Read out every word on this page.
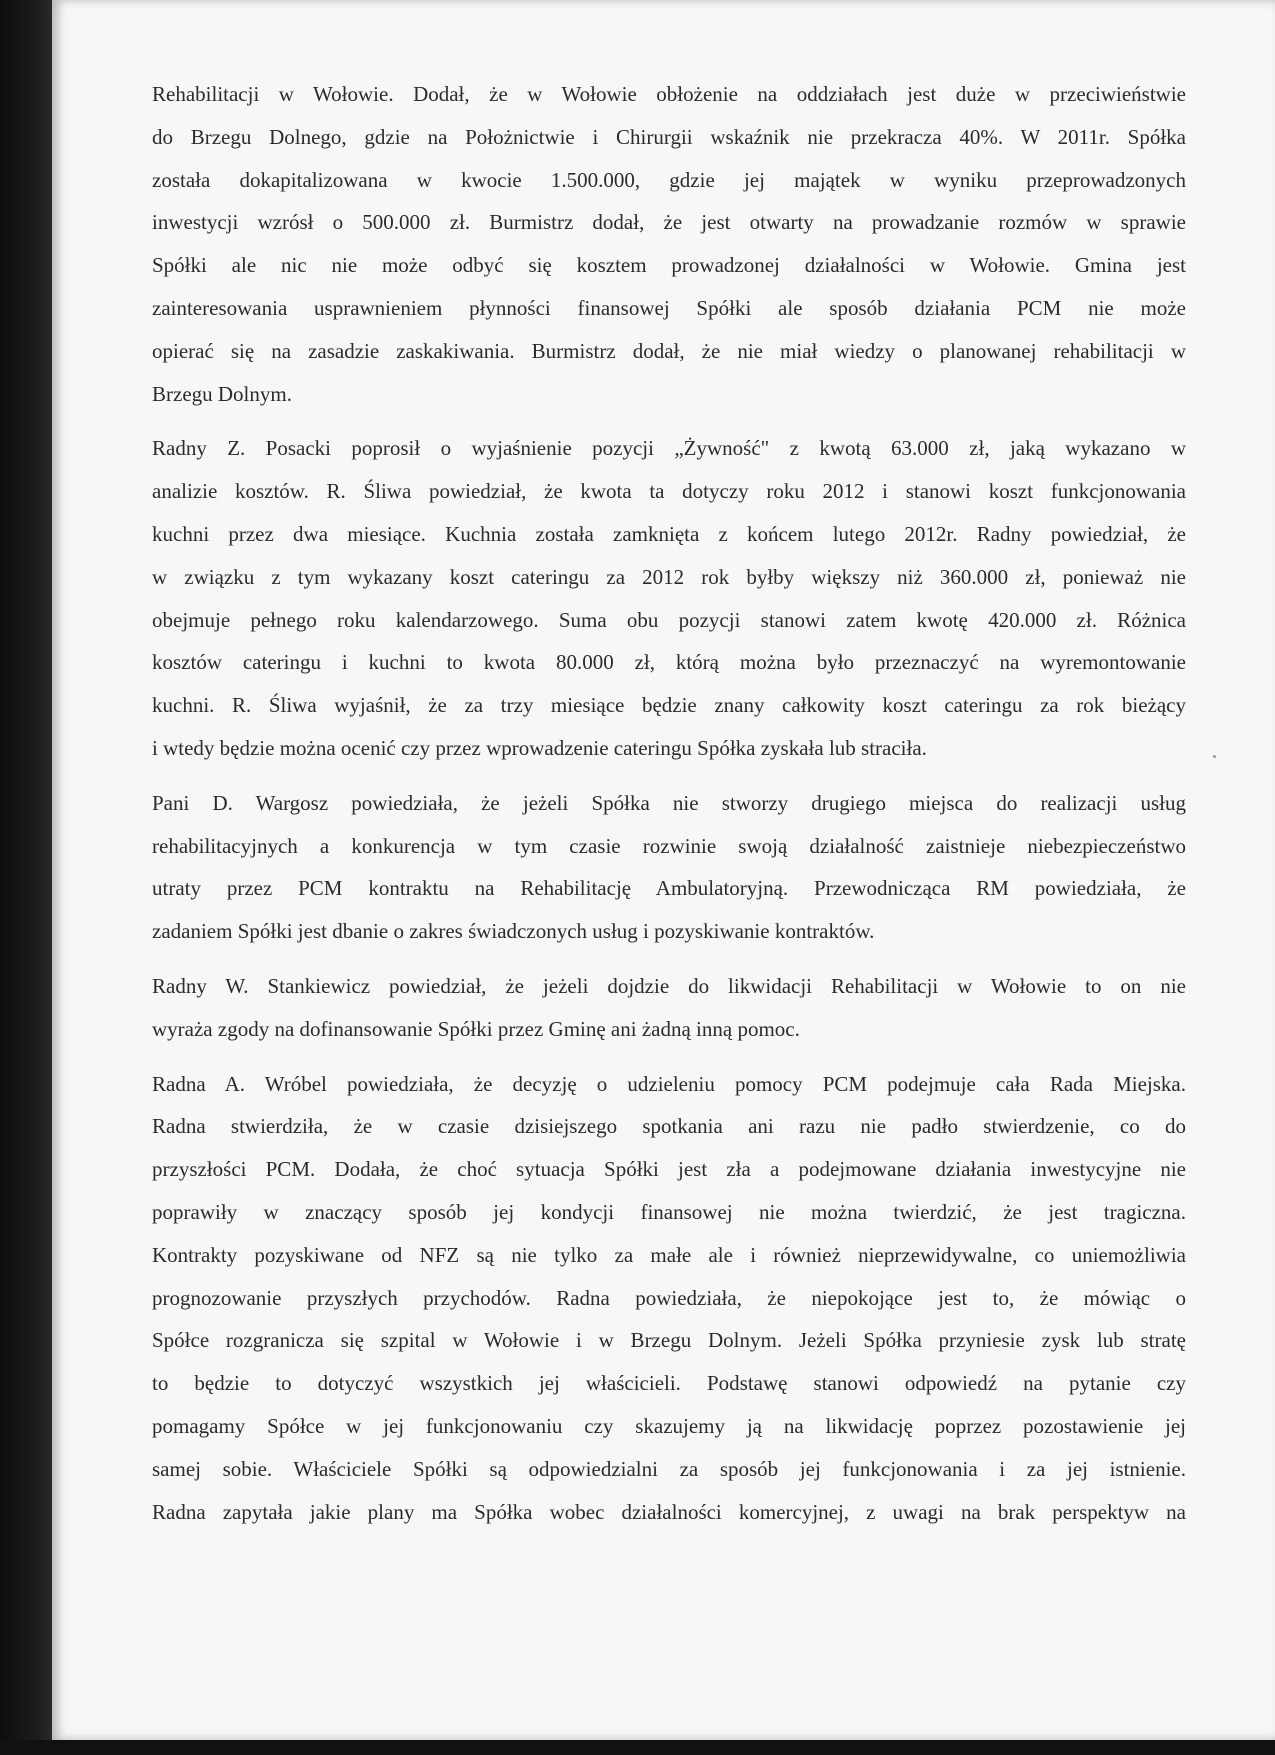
Rehabilitacji w Wołowie. Dodał, że w Wołowie obłożenie na oddziałach jest duże w przeciwieństwie
do Brzegu Dolnego, gdzie na Położnictwie i Chirurgii wskaźnik nie przekracza 40%. W 2011r. Spółka
została dokapitalizowana w kwocie 1.500.000, gdzie jej majątek w wyniku przeprowadzonych
inwestycji wzrósł o 500.000 zł. Burmistrz dodał, że jest otwarty na prowadzanie rozmów w sprawie
Spółki ale nic nie może odbyć się kosztem prowadzonej działalności w Wołowie. Gmina jest
zainteresowania usprawnieniem płynności finansowej Spółki ale sposób działania PCM nie może
opierać się na zasadzie zaskakiwania. Burmistrz dodał, że nie miał wiedzy o planowanej rehabilitacji w
Brzegu Dolnym.

Radny Z. Posacki poprosił o wyjaśnienie pozycji „Żywność" z kwotą 63.000 zł, jaką wykazano w
analizie kosztów. R. Śliwa powiedział, że kwota ta dotyczy roku 2012 i stanowi koszt funkcjonowania
kuchni przez dwa miesiące. Kuchnia została zamknięta z końcem lutego 2012r. Radny powiedział, że
w związku z tym wykazany koszt cateringu za 2012 rok byłby większy niż 360.000 zł, ponieważ nie
obejmuje pełnego roku kalendarzowego. Suma obu pozycji stanowi zatem kwotę 420.000 zł. Różnica
kosztów cateringu i kuchni to kwota 80.000 zł, którą można było przeznaczyć na wyremontowanie
kuchni. R. Śliwa wyjaśnił, że za trzy miesiące będzie znany całkowity koszt cateringu za rok bieżący
i wtedy będzie można ocenić czy przez wprowadzenie cateringu Spółka zyskała lub straciła.

Pani D. Wargosz powiedziała, że jeżeli Spółka nie stworzy drugiego miejsca do realizacji usług
rehabilitacyjnych a konkurencja w tym czasie rozwinie swoją działalność zaistnieje niebezpieczeństwo
utraty przez PCM kontraktu na Rehabilitację Ambulatoryjną. Przewodnicząca RM powiedziała, że
zadaniem Spółki jest dbanie o zakres świadczonych usług i pozyskiwanie kontraktów.

Radny W. Stankiewicz powiedział, że jeżeli dojdzie do likwidacji Rehabilitacji w Wołowie to on nie
wyraża zgody na dofinansowanie Spółki przez Gminę ani żadną inną pomoc.

Radna A. Wróbel powiedziała, że decyzję o udzieleniu pomocy PCM podejmuje cała Rada Miejska.
Radna stwierdziła, że w czasie dzisiejszego spotkania ani razu nie padło stwierdzenie, co do
przyszłości PCM. Dodała, że choć sytuacja Spółki jest zła a podejmowane działania inwestycyjne nie
poprawiły w znaczący sposób jej kondycji finansowej nie można twierdzić, że jest tragiczna.
Kontrakty pozyskiwane od NFZ są nie tylko za małe ale i również nieprzewidywalne, co uniemożliwia
prognozowanie przyszłych przychodów. Radna powiedziała, że niepokojące jest to, że mówiąc o
Spółce rozgranicza się szpital w Wołowie i w Brzegu Dolnym. Jeżeli Spółka przyniesie zysk lub stratę
to będzie to dotyczyć wszystkich jej właścicieli. Podstawę stanowi odpowiedź na pytanie czy
pomagamy Spółce w jej funkcjonowaniu czy skazujemy ją na likwidację poprzez pozostawienie jej
samej sobie. Właściciele Spółki są odpowiedzialni za sposób jej funkcjonowania i za jej istnienie.
Radna zapytała jakie plany ma Spółka wobec działalności komercyjnej, z uwagi na brak perspektyw na
